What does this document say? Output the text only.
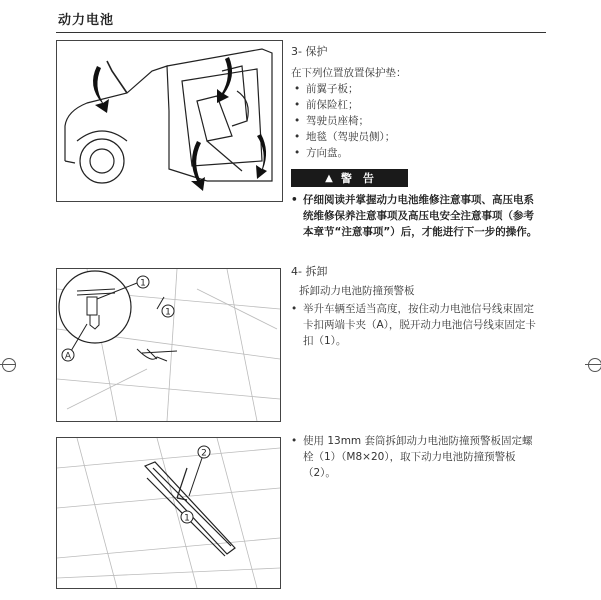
动力电池
3- 保护
在下列位置放置保护垫：
• 前翼子板；
• 前保险杠；
• 驾驶员座椅；
• 地毯（驾驶员侧）；
• 方向盘。
▲ 警　告
• 仔细阅读并掌握动力电池维修注意事项、高压电系统维修保养注意事项及高压电安全注意事项（参考本章节“注意事项”）后，才能进行下一步的操作。
1
1
A
4- 拆卸
拆卸动力电池防撞预警板
• 举升车辆至适当高度，按住动力电池信号线束固定卡扣两端卡夹（A），脱开动力电池信号线束固定卡扣（1）。
2
1
• 使用 13mm 套筒拆卸动力电池防撞预警板固定螺栓（1）（M8×20），取下动力电池防撞预警板（2）。
